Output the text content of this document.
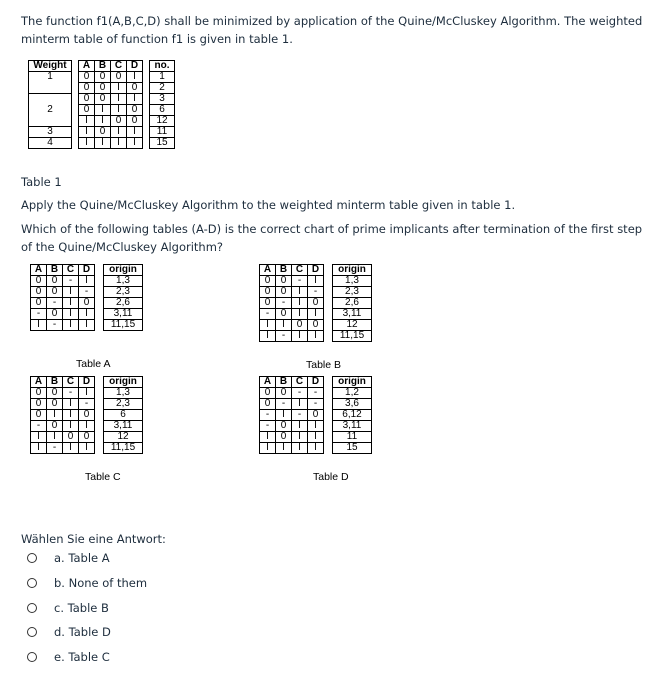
The function f1(A,B,C,D) shall be minimized by application of the Quine/McCluskey Algorithm. The weighted minterm table of function f1 is given in table 1.

Weight		A	B	C	D		no.
1		0	0	0	I		1
		0	0	I	0		2
		0	0	I	I		3
2		0	I	I	0		6
		I	I	0	0		12
3		I	0	I	I		11
4		I	I	I	I		15
Table 1

Apply the Quine/McCluskey Algorithm to the weighted minterm table given in table 1.

Which of the following tables (A-D) is the correct chart of prime implicants after termination of the first step of the Quine/McCluskey Algorithm?

A	B	C	D		origin
0	0	-	I		1,3
0	0	I	-		2,3
0	-	I	0		2,6
-	0	I	I		3,11
I	-	I	I		11,15
Table A
A	B	C	D		origin
0	0	-	I		1,3
0	0	I	-		2,3
0	-	I	0		2,6
-	0	I	I		3,11
I	I	0	0		12
I	-	I	I		11,15
Table B
A	B	C	D		origin
0	0	-	I		1,3
0	0	I	-		2,3
0	I	I	0		6
-	0	I	I		3,11
I	I	0	0		12
I	-	I	I		11,15
Table C
A	B	C	D		origin
0	0	-	-		1,2
0	-	I	-		3,6
-	I	-	0		6,12
-	0	I	I		3,11
I	0	I	I		11
I	I	I	I		15
Table D
Wählen Sie eine Antwort:
a. Table A
b. None of them
c. Table B
d. Table D
e. Table C
